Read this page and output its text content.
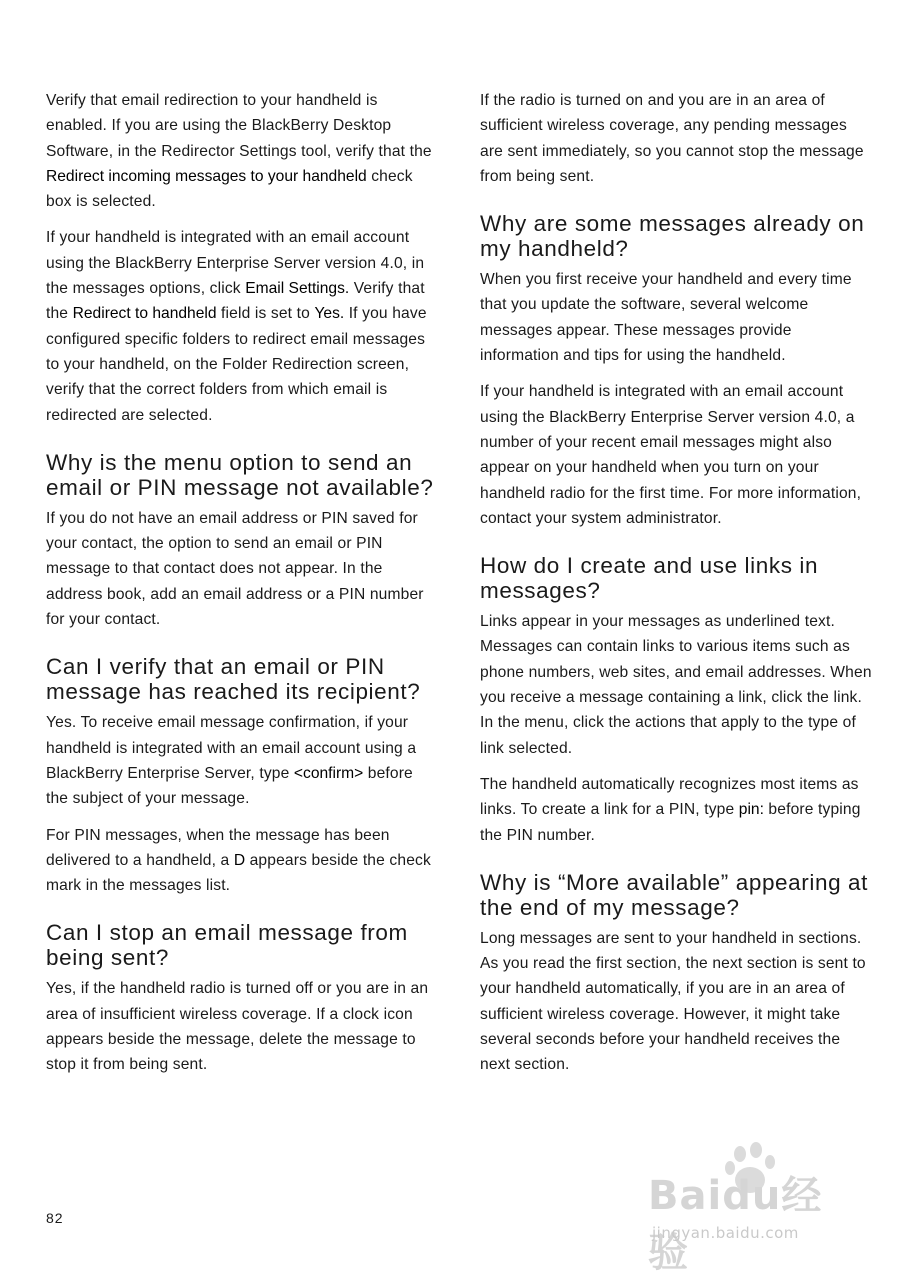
Verify that email redirection to your handheld is enabled. If you are using the BlackBerry Desktop Software, in the Redirector Settings tool, verify that the Redirect incoming messages to your handheld check box is selected.

If your handheld is integrated with an email account using the BlackBerry Enterprise Server version 4.0, in the messages options, click Email Settings. Verify that the Redirect to handheld field is set to Yes. If you have configured specific folders to redirect email messages to your handheld, on the Folder Redirection screen, verify that the correct folders from which email is redirected are selected.

Why is the menu option to send an email or PIN message not available?

If you do not have an email address or PIN saved for your contact, the option to send an email or PIN message to that contact does not appear. In the address book, add an email address or a PIN number for your contact.

Can I verify that an email or PIN message has reached its recipient?

Yes. To receive email message confirmation, if your handheld is integrated with an email account using a BlackBerry Enterprise Server, type <confirm> before the subject of your message.

For PIN messages, when the message has been delivered to a handheld, a D appears beside the check mark in the messages list.

Can I stop an email message from being sent?

Yes, if the handheld radio is turned off or you are in an area of insufficient wireless coverage. If a clock icon appears beside the message, delete the message to stop it from being sent.

If the radio is turned on and you are in an area of sufficient wireless coverage, any pending messages are sent immediately, so you cannot stop the message from being sent.

Why are some messages already on my handheld?

When you first receive your handheld and every time that you update the software, several welcome messages appear. These messages provide information and tips for using the handheld.

If your handheld is integrated with an email account using the BlackBerry Enterprise Server version 4.0, a number of your recent email messages might also appear on your handheld when you turn on your handheld radio for the first time. For more information, contact your system administrator.

How do I create and use links in messages?

Links appear in your messages as underlined text. Messages can contain links to various items such as phone numbers, web sites, and email addresses. When you receive a message containing a link, click the link. In the menu, click the actions that apply to the type of link selected.

The handheld automatically recognizes most items as links. To create a link for a PIN, type pin: before typing the PIN number.

Why is “More available” appearing at the end of my message?

Long messages are sent to your handheld in sections. As you read the first section, the next section is sent to your handheld automatically, if you are in an area of sufficient wireless coverage. However, it might take several seconds before your handheld receives the next section.

82	Baidu经验
jingyan.baidu.com
